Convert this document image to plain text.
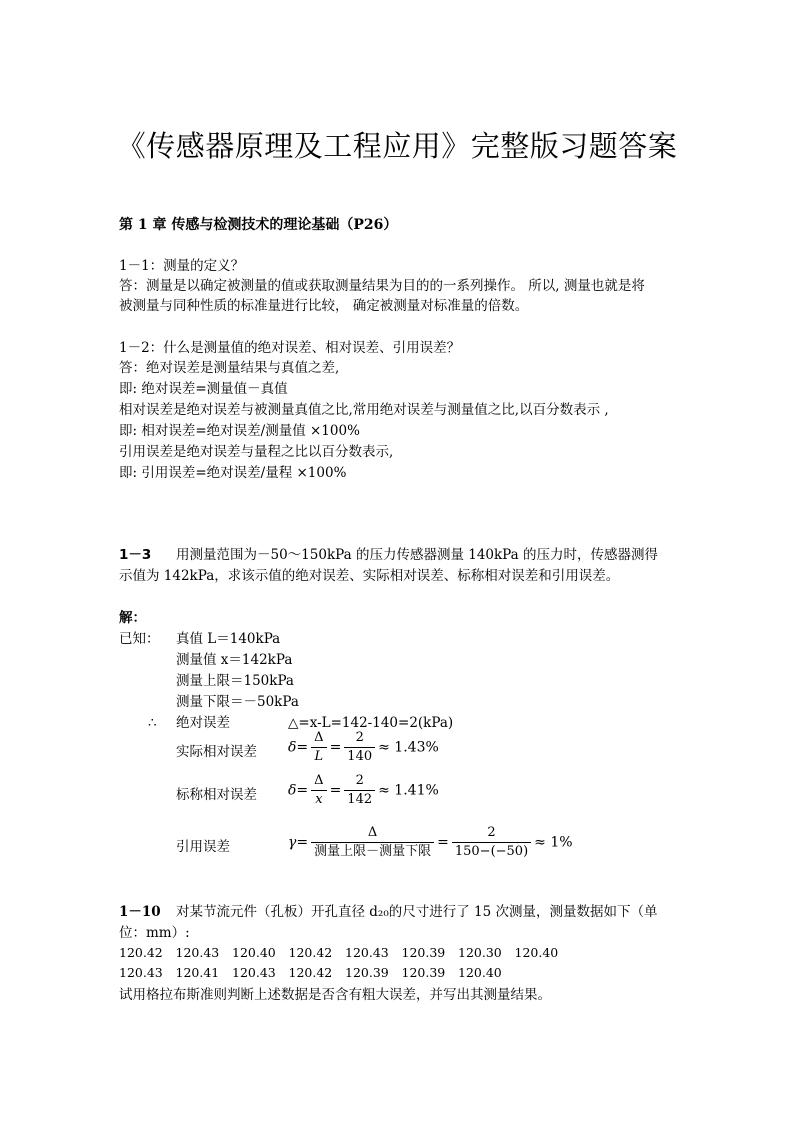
《传感器原理及工程应用》完整版习题答案
第 1 章 传感与检测技术的理论基础（P26）
1－1：测量的定义？
答：测量是以确定被测量的值或获取测量结果为目的的一系列操作。 所以, 测量也就是将
被测量与同种性质的标准量进行比较， 确定被测量对标准量的倍数。
1－2：什么是测量值的绝对误差、相对误差、引用误差？
答：绝对误差是测量结果与真值之差,
即: 绝对误差=测量值－真值
相对误差是绝对误差与被测量真值之比,常用绝对误差与测量值之比,以百分数表示 ,
即: 相对误差=绝对误差/测量值 ×100%
引用误差是绝对误差与量程之比以百分数表示,
即: 引用误差=绝对误差/量程 ×100%
1－3 用测量范围为－50～150kPa 的压力传感器测量 140kPa 的压力时，传感器测得
示值为 142kPa，求该示值的绝对误差、实际相对误差、标称相对误差和引用误差。
解：
已知： 真值 L＝140kPa
测量值 x＝142kPa
测量上限＝150kPa
测量下限＝－50kPa
∴ 绝对误差	△=x-L=142-140=2(kPa)
实际相对误差 $\delta= \frac{\Delta}{L} = \frac{2}{140} \approx 1.43\%$
标称相对误差 $\delta= \frac{\Delta}{x} = \frac{2}{142} \approx 1.41\%$
引用误差	$\gamma= \frac{\Delta}{\text{测量上限－测量下限}} = \frac{2}{150-(-50)} \approx 1\%$
1－10 对某节流元件（孔板）开孔直径 d₂₀的尺寸进行了 15 次测量，测量数据如下（单
位：mm）:
120.42 120.43 120.40 120.42 120.43 120.39 120.30 120.40
120.43 120.41 120.43 120.42 120.39 120.39 120.40
试用格拉布斯准则判断上述数据是否含有粗大误差，并写出其测量结果。
